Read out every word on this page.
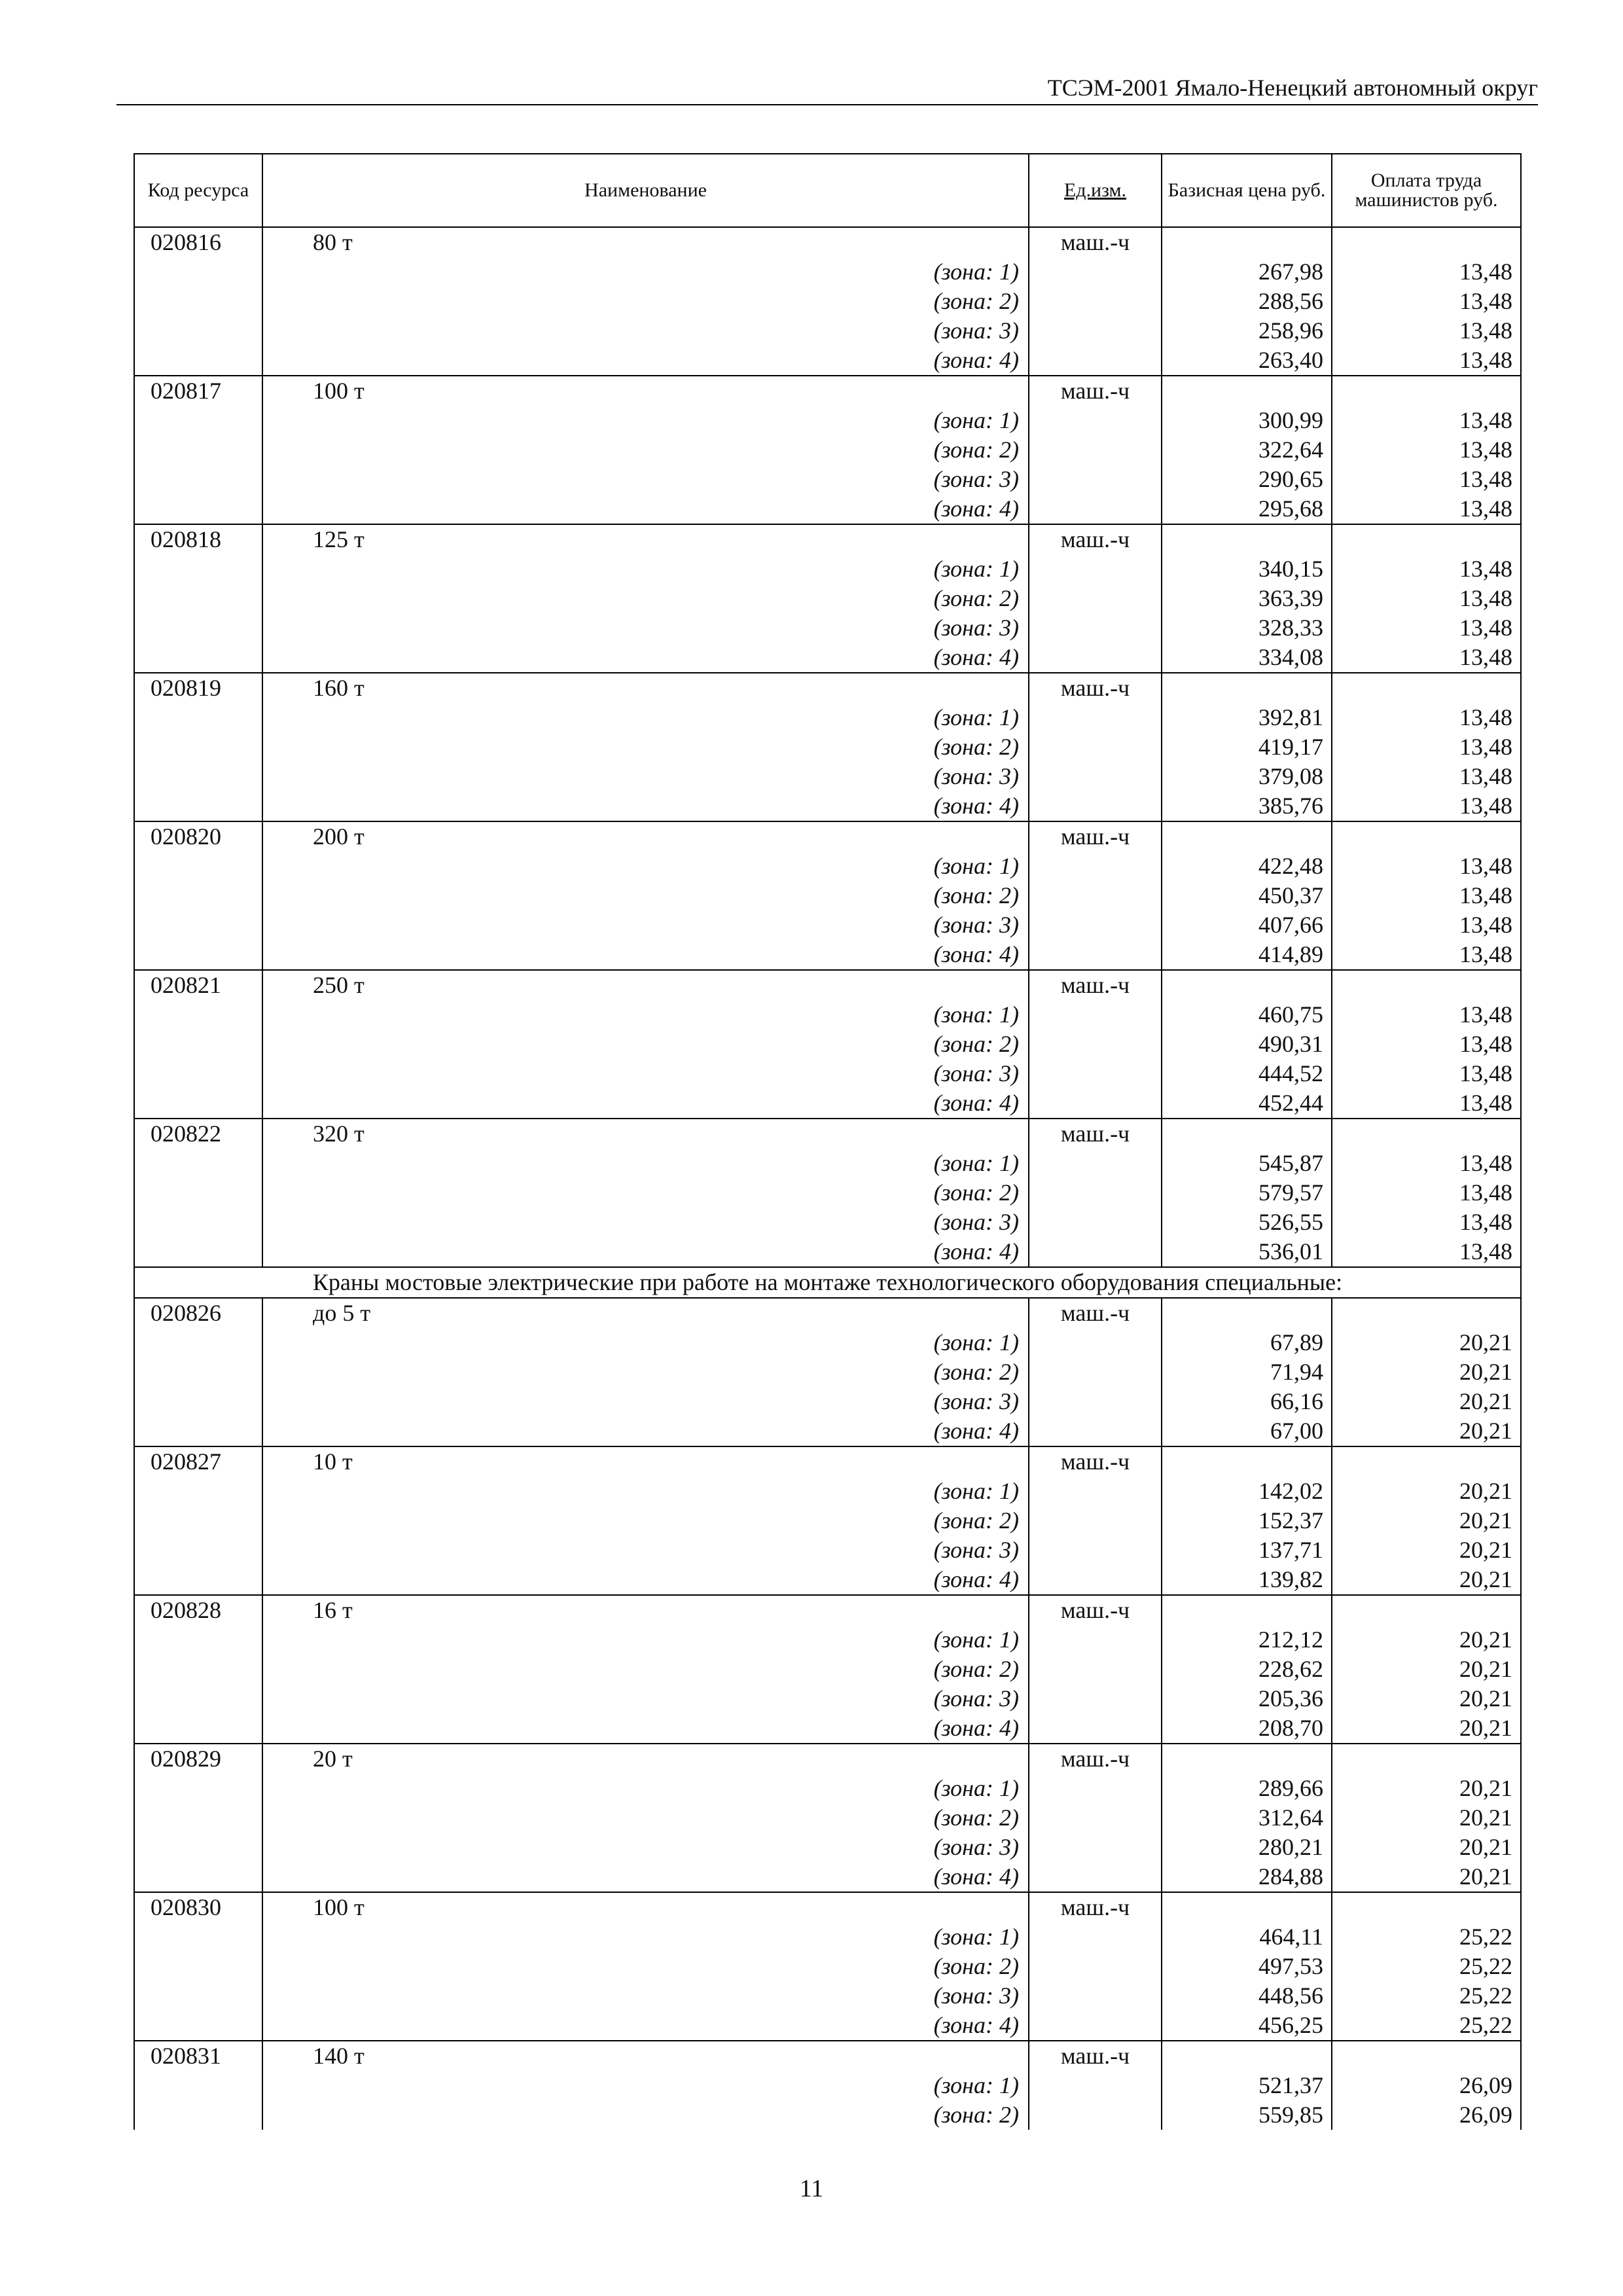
ТСЭМ-2001 Ямало-Ненецкий автономный округ
Код ресурса	Наименование	Ед.изм.	Базисная цена руб.	Оплата труда машинистов руб.
020816	80 т	маш.-ч		
	(зона: 1)		267,98	13,48
	(зона: 2)		288,56	13,48
	(зона: 3)		258,96	13,48
	(зона: 4)		263,40	13,48
020817	100 т	маш.-ч		
	(зона: 1)		300,99	13,48
	(зона: 2)		322,64	13,48
	(зона: 3)		290,65	13,48
	(зона: 4)		295,68	13,48
020818	125 т	маш.-ч		
	(зона: 1)		340,15	13,48
	(зона: 2)		363,39	13,48
	(зона: 3)		328,33	13,48
	(зона: 4)		334,08	13,48
020819	160 т	маш.-ч		
	(зона: 1)		392,81	13,48
	(зона: 2)		419,17	13,48
	(зона: 3)		379,08	13,48
	(зона: 4)		385,76	13,48
020820	200 т	маш.-ч		
	(зона: 1)		422,48	13,48
	(зона: 2)		450,37	13,48
	(зона: 3)		407,66	13,48
	(зона: 4)		414,89	13,48
020821	250 т	маш.-ч		
	(зона: 1)		460,75	13,48
	(зона: 2)		490,31	13,48
	(зона: 3)		444,52	13,48
	(зона: 4)		452,44	13,48
020822	320 т	маш.-ч		
	(зона: 1)		545,87	13,48
	(зона: 2)		579,57	13,48
	(зона: 3)		526,55	13,48
	(зона: 4)		536,01	13,48
Краны мостовые электрические при работе на монтаже технологического оборудования специальные:				
020826	до 5 т	маш.-ч		
	(зона: 1)		67,89	20,21
	(зона: 2)		71,94	20,21
	(зона: 3)		66,16	20,21
	(зона: 4)		67,00	20,21
020827	10 т	маш.-ч		
	(зона: 1)		142,02	20,21
	(зона: 2)		152,37	20,21
	(зона: 3)		137,71	20,21
	(зона: 4)		139,82	20,21
020828	16 т	маш.-ч		
	(зона: 1)		212,12	20,21
	(зона: 2)		228,62	20,21
	(зона: 3)		205,36	20,21
	(зона: 4)		208,70	20,21
020829	20 т	маш.-ч		
	(зона: 1)		289,66	20,21
	(зона: 2)		312,64	20,21
	(зона: 3)		280,21	20,21
	(зона: 4)		284,88	20,21
020830	100 т	маш.-ч		
	(зона: 1)		464,11	25,22
	(зона: 2)		497,53	25,22
	(зона: 3)		448,56	25,22
	(зона: 4)		456,25	25,22
020831	140 т	маш.-ч		
	(зона: 1)		521,37	26,09
	(зона: 2)		559,85	26,09
11
